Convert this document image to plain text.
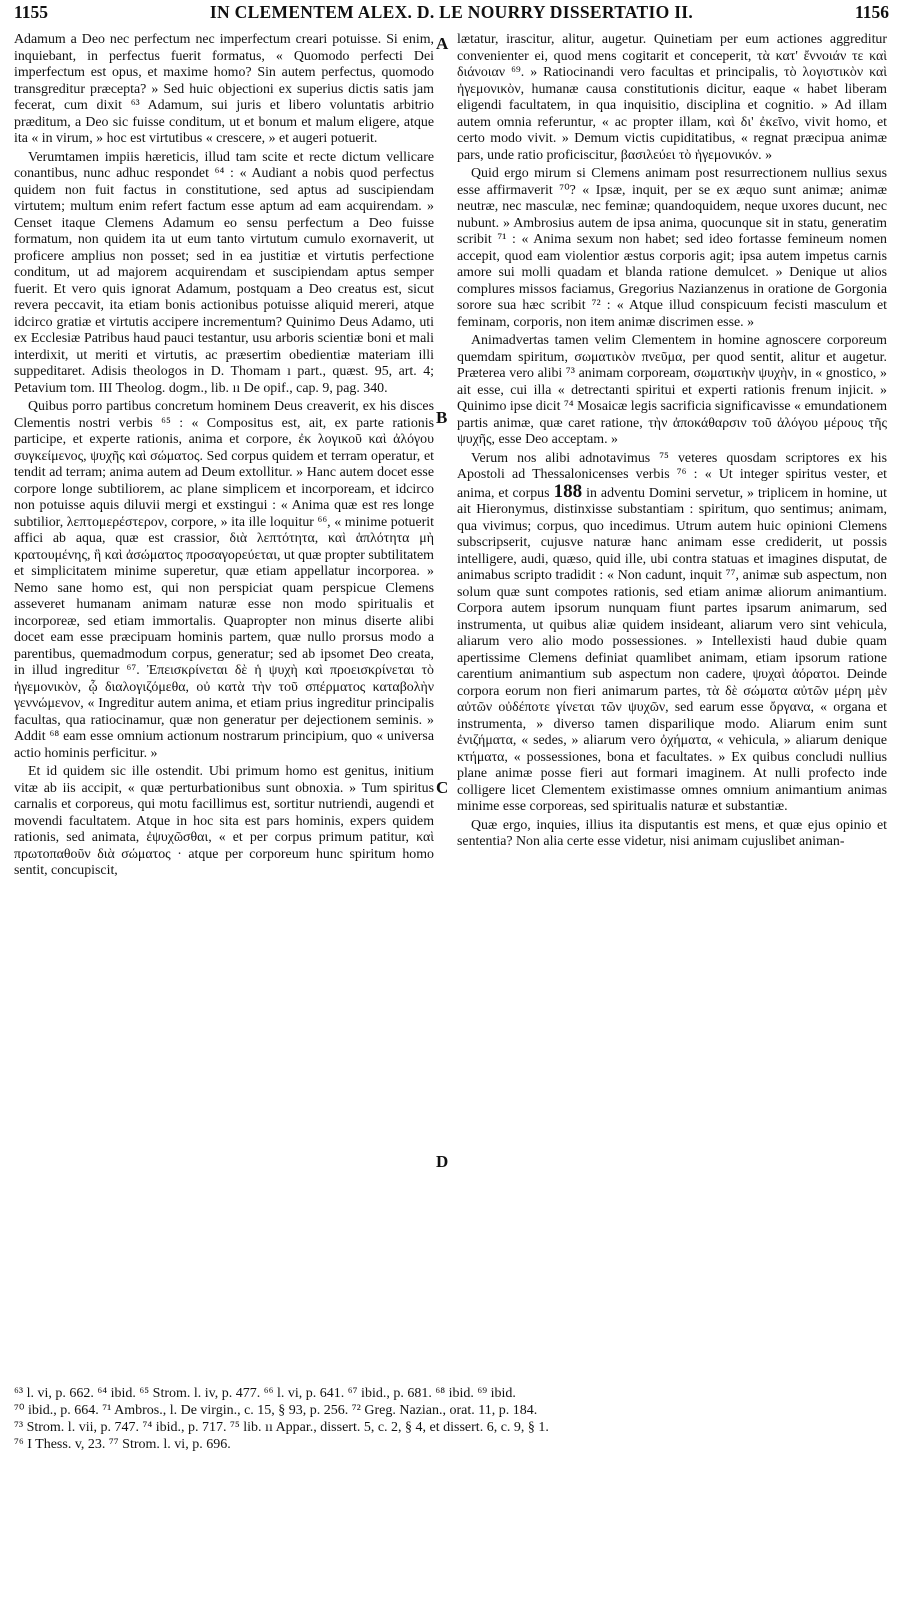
1155	IN CLEMENTEM ALEX. D. LE NOURRY DISSERTATIO II.	1156

Adamum a Deo nec perfectum nec imperfectum creari potuisse. Si enim, inquiebant, in perfectus fuerit formatus, « Quomodo perfecti Dei imperfectum est opus, et maxime homo? Sin autem perfectus, quomodo transgreditur præcepta? » Sed huic objectioni ex superius dictis satis jam fecerat, cum dixit ⁶³ Adamum, sui juris et libero voluntatis arbitrio præditum, a Deo sic fuisse conditum, ut et bonum et malum eligere, atque ita « in virum, » hoc est virtutibus « crescere, » et augeri potuerit.

Verumtamen impiis hæreticis, illud tam scite et recte dictum vellicare conantibus, nunc adhuc respondet ⁶⁴ : « Audiant a nobis quod perfectus quidem non fuit factus in constitutione, sed aptus ad suscipiendam virtutem; multum enim refert factum esse aptum ad eam acquirendam. » Censet itaque Clemens Adamum eo sensu perfectum a Deo fuisse formatum, non quidem ita ut eum tanto virtutum cumulo exornaverit, ut proficere amplius non posset; sed in ea justitiæ et virtutis perfectione conditum, ut ad majorem acquirendam et suscipiendam aptus semper fuerit. Et vero quis ignorat Adamum, postquam a Deo creatus est, sicut revera peccavit, ita etiam bonis actionibus potuisse aliquid mereri, atque idcirco gratiæ et virtutis accipere incrementum? Quinimo Deus Adamo, uti ex Ecclesiæ Patribus haud pauci testantur, usu arboris scientiæ boni et mali interdixit, ut meriti et virtutis, ac præsertim obedientiæ materiam illi suppeditaret. Adisis theologos in D. Thomam ı part., quæst. 95, art. 4; Petavium tom. III Theolog. dogm., lib. ıı De opif., cap. 9, pag. 340.

Quibus porro partibus concretum hominem Deus creaverit, ex his disces Clementis nostri verbis ⁶⁵ : « Compositus est, ait, ex parte rationis participe, et experte rationis, anima et corpore, ἐκ λογικοῦ καὶ ἀλόγου συγκείμενος, ψυχῆς καὶ σώματος. Sed corpus quidem et terram operatur, et tendit ad terram; anima autem ad Deum extollitur. » Hanc autem docet esse corpore longe subtiliorem, ac plane simplicem et incorpoream, et idcirco non potuisse aquis diluvii mergi et exstingui : « Anima quæ est res longe subtilior, λεπτομερέστερον, corpore, » ita ille loquitur ⁶⁶, « minime potuerit affici ab aqua, quæ est crassior, διὰ λεπτότητα, καὶ ἁπλότητα μὴ κρατουμένης, ἣ καὶ ἀσώματος προσαγορεύεται, ut quæ propter subtilitatem et simplicitatem minime superetur, quæ etiam appellatur incorporea. » Nemo sane homo est, qui non perspiciat quam perspicue Clemens asseveret humanam animam naturæ esse non modo spiritualis et incorporeæ, sed etiam immortalis. Quapropter non minus diserte alibi docet eam esse præcipuam hominis partem, quæ nullo prorsus modo a parentibus, quemadmodum corpus, generatur; sed ab ipsomet Deo creata, in illud ingreditur ⁶⁷. Ἐπεισκρίνεται δὲ ἡ ψυχὴ καὶ προεισκρίνεται τὸ ἡγεμονικὸν, ᾧ διαλογιζόμεθα, οὐ κατὰ τὴν τοῦ σπέρματος καταβολὴν γεννώμενον, « Ingreditur autem anima, et etiam prius ingreditur principalis facultas, qua ratiocinamur, quæ non generatur per dejectionem seminis. » Addit ⁶⁸ eam esse omnium actionum nostrarum principium, quo « universa actio hominis perficitur. »

Et id quidem sic ille ostendit. Ubi primum homo est genitus, initium vitæ ab iis accipit, « quæ perturbationibus sunt obnoxia. » Tum spiritus carnalis et corporeus, qui motu facillimus est, sortitur nutriendi, augendi et movendi facultatem. Atque in hoc sita est pars hominis, expers quidem rationis, sed animata, ἐψυχῶσθαι, « et per corpus primum patitur, καὶ πρωτοπαθοῦν διὰ σώματος · atque per corporeum hunc spiritum homo sentit, concupiscit,

A
B
C
D

lætatur, irascitur, alitur, augetur. Quinetiam per eum actiones aggreditur convenienter ei, quod mens cogitarit et conceperit, τὰ κατ' ἔννοιάν τε καὶ διάνοιαν ⁶⁹. » Ratiocinandi vero facultas et principalis, τὸ λογιστικὸν καὶ ἡγεμονικὸν, humanæ causa constitutionis dicitur, eaque « habet liberam eligendi facultatem, in qua inquisitio, disciplina et cognitio. » Ad illam autem omnia referuntur, « ac propter illam, καὶ δι' ἐκεῖνο, vivit homo, et certo modo vivit. » Demum victis cupiditatibus, « regnat præcipua animæ pars, unde ratio proficiscitur, βασιλεύει τὸ ἡγεμονικόν. »

Quid ergo mirum si Clemens animam post resurrectionem nullius sexus esse affirmaverit ⁷⁰? « Ipsæ, inquit, per se ex æquo sunt animæ; animæ neutræ, nec masculæ, nec feminæ; quandoquidem, neque uxores ducunt, nec nubunt. » Ambrosius autem de ipsa anima, quocunque sit in statu, generatim scribit ⁷¹ : « Anima sexum non habet; sed ideo fortasse femineum nomen accepit, quod eam violentior æstus corporis agit; ipsa autem impetus carnis amore sui molli quadam et blanda ratione demulcet. » Denique ut alios complures missos faciamus, Gregorius Nazianzenus in oratione de Gorgonia sorore sua hæc scribit ⁷² : « Atque illud conspicuum fecisti masculum et feminam, corporis, non item animæ discrimen esse. »

Animadvertas tamen velim Clementem in homine agnoscere corporeum quemdam spiritum, σωματικὸν πνεῦμα, per quod sentit, alitur et augetur. Præterea vero alibi ⁷³ animam corpoream, σωματικὴν ψυχὴν, in « gnostico, » ait esse, cui illa « detrectanti spiritui et experti rationis frenum injicit. » Quinimo ipse dicit ⁷⁴ Mosaicæ legis sacrificia significavisse « emundationem partis animæ, quæ caret ratione, τὴν ἀποκάθαρσιν τοῦ ἀλόγου μέρους τῆς ψυχῆς, esse Deo acceptam. »

Verum nos alibi adnotavimus ⁷⁵ veteres quosdam scriptores ex his Apostoli ad Thessalonicenses verbis ⁷⁶ : « Ut integer spiritus vester, et anima, et corpus 188 in adventu Domini servetur, » triplicem in homine, ut ait Hieronymus, distinxisse substantiam : spiritum, quo sentimus; animam, qua vivimus; corpus, quo incedimus. Utrum autem huic opinioni Clemens subscripserit, cujusve naturæ hanc animam esse crediderit, ut possis intelligere, audi, quæso, quid ille, ubi contra statuas et imagines disputat, de animabus scripto tradidit : « Non cadunt, inquit ⁷⁷, animæ sub aspectum, non solum quæ sunt compotes rationis, sed etiam animæ aliorum animantium. Corpora autem ipsorum nunquam fiunt partes ipsarum animarum, sed instrumenta, ut quibus aliæ quidem insideant, aliarum vero sint vehicula, aliarum vero alio modo possessiones. » Intellexisti haud dubie quam apertissime Clemens definiat quamlibet animam, etiam ipsorum ratione carentium animantium sub aspectum non cadere, ψυχαὶ ἀόρατοι. Deinde corpora eorum non fieri animarum partes, τὰ δὲ σώματα αὐτῶν μέρη μὲν αὐτῶν οὐδέποτε γίνεται τῶν ψυχῶν, sed earum esse ὄργανα, « organa et instrumenta, » diverso tamen disparilique modo. Aliarum enim sunt ἐνιζήματα, « sedes, » aliarum vero ὀχήματα, « vehicula, » aliarum denique κτήματα, « possessiones, bona et facultates. » Ex quibus concludi nullius plane animæ posse fieri aut formari imaginem. At nulli profecto inde colligere licet Clementem existimasse omnes omnium animantium animas minime esse corporeas, sed spiritualis naturæ et substantiæ.

Quæ ergo, inquies, illius ita disputantis est mens, et quæ ejus opinio et sententia? Non alia certe esse videtur, nisi animam cujuslibet animan-

⁶³ l. vi, p. 662. ⁶⁴ ibid. ⁶⁵ Strom. l. iv, p. 477. ⁶⁶ l. vi, p. 641. ⁶⁷ ibid., p. 681. ⁶⁸ ibid. ⁶⁹ ibid.
⁷⁰ ibid., p. 664. ⁷¹ Ambros., l. De virgin., c. 15, § 93, p. 256. ⁷² Greg. Nazian., orat. 11, p. 184.
⁷³ Strom. l. vii, p. 747. ⁷⁴ ibid., p. 717. ⁷⁵ lib. ıı Appar., dissert. 5, c. 2, § 4, et dissert. 6, c. 9, § 1.
⁷⁶ I Thess. v, 23. ⁷⁷ Strom. l. vi, p. 696.
